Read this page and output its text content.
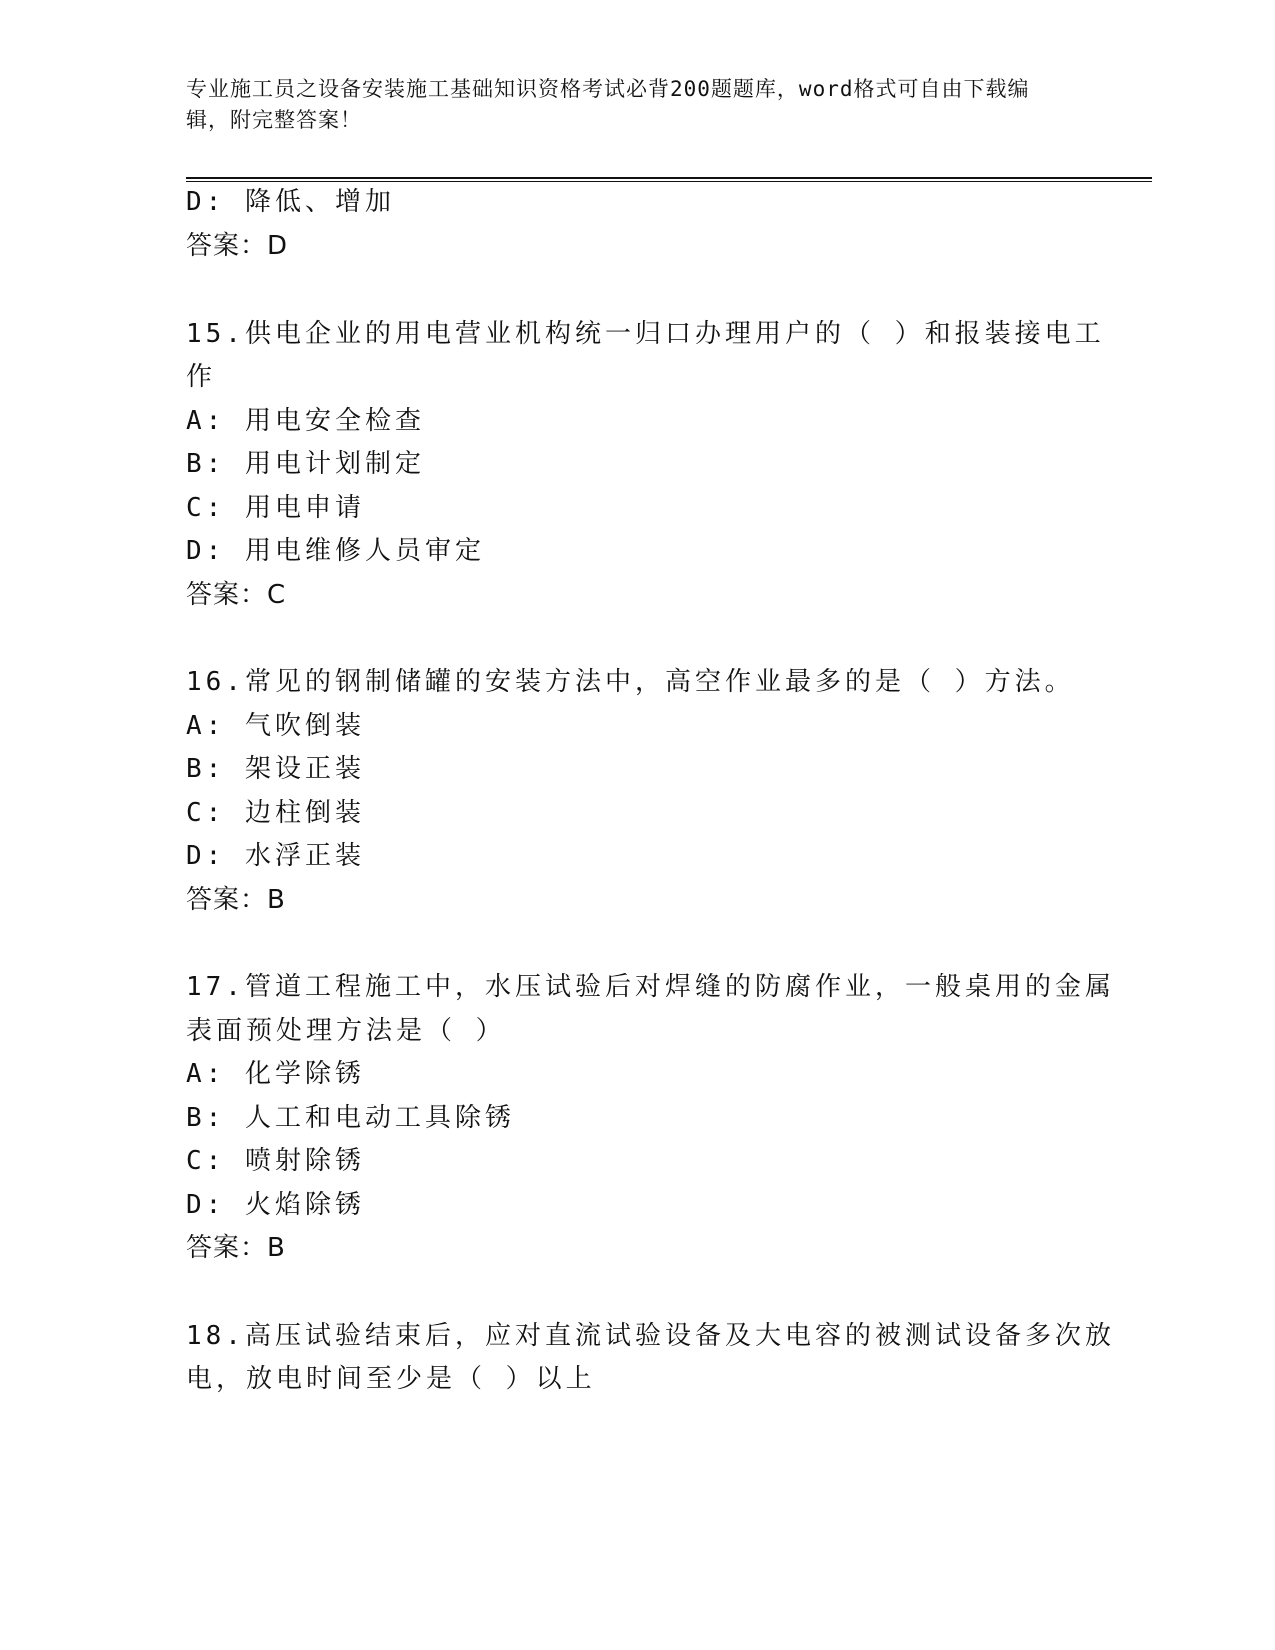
专业施工员之设备安装施工基础知识资格考试必背200题题库，word格式可自由下载编辑，附完整答案！
D: 降低、增加
答案：D
15.供电企业的用电营业机构统一归口办理用户的（ ）和报装接电工
作
A: 用电安全检查
B: 用电计划制定
C: 用电申请
D: 用电维修人员审定
答案：C
16.常见的钢制储罐的安装方法中，高空作业最多的是（ ）方法。
A: 气吹倒装
B: 架设正装
C: 边柱倒装
D: 水浮正装
答案：B
17.管道工程施工中，水压试验后对焊缝的防腐作业，一般桌用的金属
表面预处理方法是（ ）
A: 化学除锈
B: 人工和电动工具除锈
C: 喷射除锈
D: 火焰除锈
答案：B
18.高压试验结束后，应对直流试验设备及大电容的被测试设备多次放
电，放电时间至少是（ ）以上
